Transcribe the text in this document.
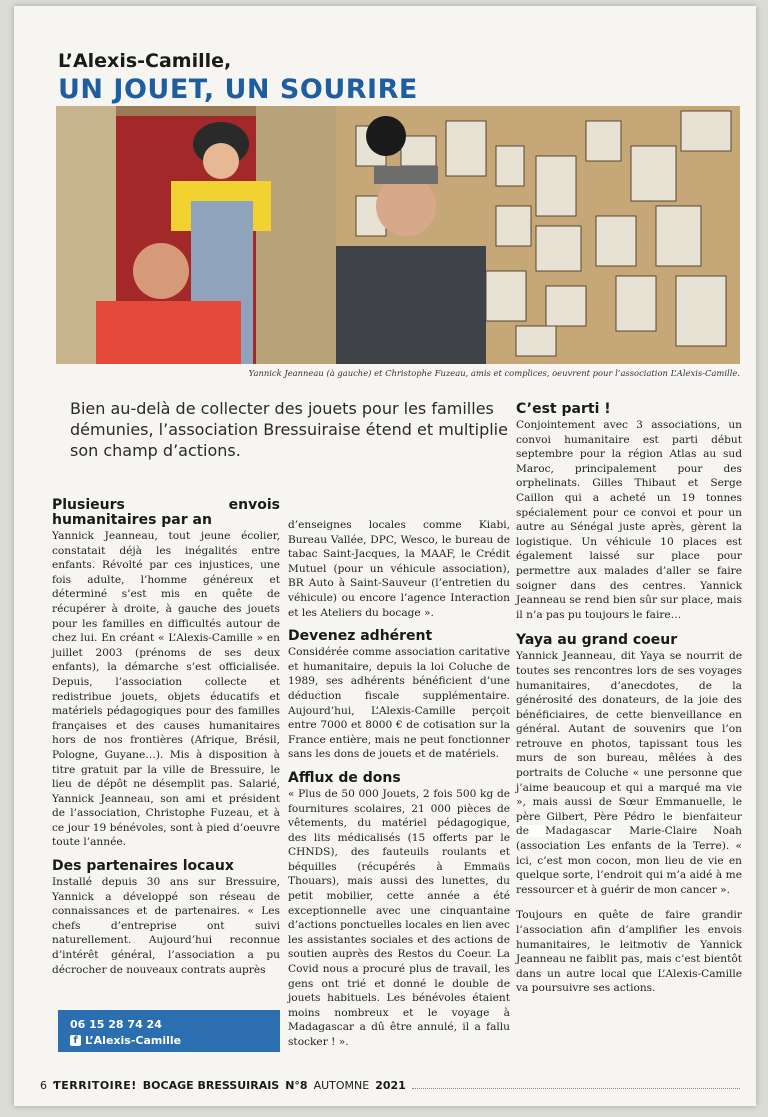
L’Alexis-Camille,
UN JOUET, UN SOURIRE
Yannick Jeanneau (à gauche) et Christophe Fuzeau, amis et complices, oeuvrent pour l’association L’Alexis-Camille.
Bien au-delà de collecter des jouets pour les familles démunies, l’association Bressuiraise étend et multiplie son champ d’actions.
Plusieurs envois humanitaires par an

Yannick Jeanneau, tout jeune écolier, constatait déjà les inégalités entre enfants. Révolté par ces injustices, une fois adulte, l’homme généreux et déterminé s’est mis en quête de récupérer à droite, à gauche des jouets pour les familles en difficultés autour de chez lui. En créant « L’Alexis-Camille » en juillet 2003 (prénoms de ses deux enfants), la démarche s’est officialisée. Depuis, l’association collecte et redistribue jouets, objets éducatifs et matériels pédagogiques pour des familles françaises et des causes humanitaires hors de nos frontières (Afrique, Brésil, Pologne, Guyane…). Mis à disposition à titre gratuit par la ville de Bressuire, le lieu de dépôt ne désemplit pas. Salarié, Yannick Jeanneau, son ami et président de l’association, Christophe Fuzeau, et à ce jour 19 bénévoles, sont à pied d’oeuvre toute l’année.

Des partenaires locaux

Installé depuis 30 ans sur Bressuire, Yannick a développé son réseau de connaissances et de partenaires. « Les chefs d’entreprise ont suivi naturellement. Aujourd’hui reconnue d’intérêt général, l’association a pu décrocher de nouveaux contrats auprès

06 15 28 74 24
f L’Alexis-Camille

d’enseignes locales comme Kiabi, Bureau Vallée, DPC, Wesco, le bureau de tabac Saint-Jacques, la MAAF, le Crédit Mutuel (pour un véhicule association), BR Auto à Saint-Sauveur (l’entretien du véhicule) ou encore l’agence Interaction et les Ateliers du bocage ».

Devenez adhérent

Considérée comme association caritative et humanitaire, depuis la loi Coluche de 1989, ses adhérents bénéficient d’une déduction fiscale supplémentaire. Aujourd’hui, L’Alexis-Camille perçoit entre 7000 et 8000 € de cotisation sur la France entière, mais ne peut fonctionner sans les dons de jouets et de matériels.

Afflux de dons

« Plus de 50 000 Jouets, 2 fois 500 kg de fournitures scolaires, 21 000 pièces de vêtements, du matériel pédagogique, des lits médicalisés (15 offerts par le CHNDS), des fauteuils roulants et béquilles (récupérés à Emmaüs Thouars), mais aussi des lunettes, du petit mobilier, cette année a été exceptionnelle avec une cinquantaine d’actions ponctuelles locales en lien avec les assistantes sociales et des actions de soutien auprès des Restos du Coeur. La Covid nous a procuré plus de travail, les gens ont trié et donné le double de jouets habituels. Les bénévoles étaient moins nombreux et le voyage à Madagascar a dû être annulé, il a fallu stocker ! ».

C’est parti !

Conjointement avec 3 associations, un convoi humanitaire est parti début septembre pour la région Atlas au sud Maroc, principalement pour des orphelinats. Gilles Thibaut et Serge Caillon qui a acheté un 19 tonnes spécialement pour ce convoi et pour un autre au Sénégal juste après, gèrent la logistique. Un véhicule 10 places est également laissé sur place pour permettre aux malades d’aller se faire soigner dans des centres. Yannick Jeanneau se rend bien sûr sur place, mais il n’a pas pu toujours le faire…

Yaya au grand coeur

Yannick Jeanneau, dit Yaya se nourrit de toutes ses rencontres lors de ses voyages humanitaires, d’anecdotes, de la générosité des donateurs, de la joie des bénéficiaires, de cette bienveillance en général. Autant de souvenirs que l’on retrouve en photos, tapissant tous les murs de son bureau, mêlées à des portraits de Coluche « une personne que j’aime beaucoup et qui a marqué ma vie », mais aussi de Sœur Emmanuelle, le père Gilbert, Père Pédro le bienfaiteur de Madagascar Marie-Claire Noah (association Les enfants de la Terre). « ici, c’est mon cocon, mon lieu de vie en quelque sorte, l’endroit qui m’a aidé à me ressourcer et à guérir de mon cancer ».

Toujours en quête de faire grandir l’association afin d’amplifier les envois humanitaires, le leitmotiv de Yannick Jeanneau ne faiblit pas, mais c’est bientôt dans un autre local que L’Alexis-Camille va poursuivre ses actions.

6 ƬERRITOIRE! BOCAGE BRESSUIRAIS N°8 AUTOMNE 2021
